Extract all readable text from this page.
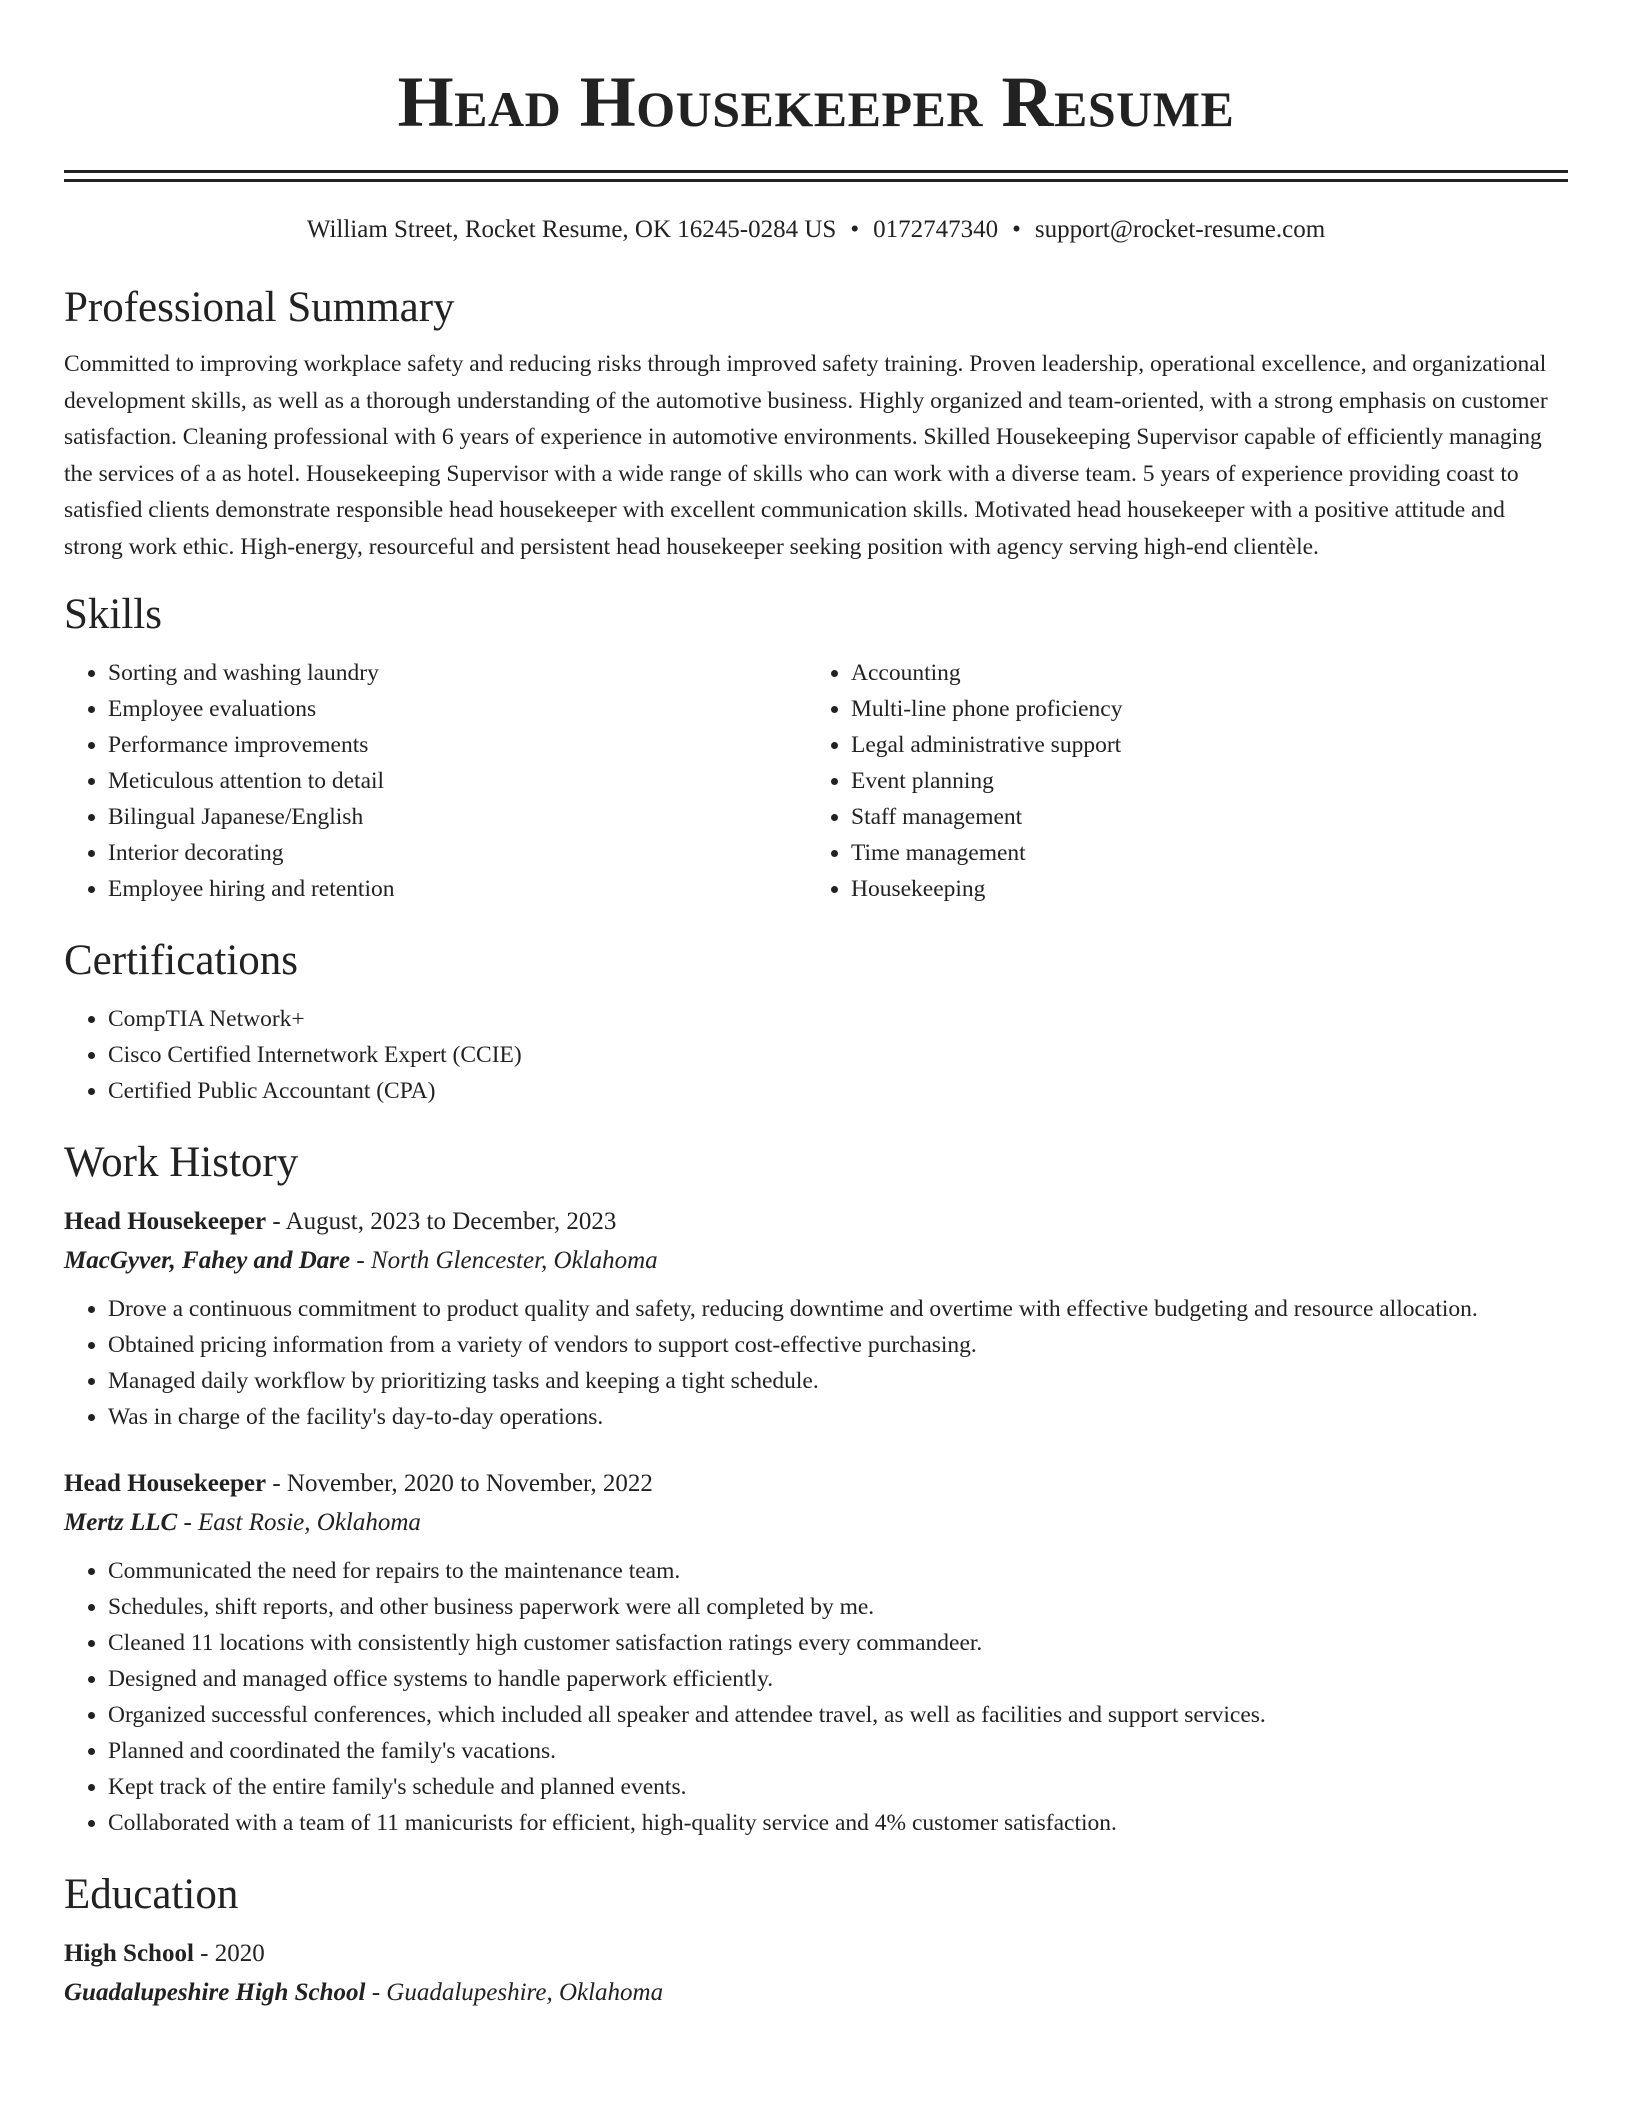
Head Housekeeper Resume
William Street, Rocket Resume, OK 16245-0284 US • 0172747340 • support@rocket-resume.com
Professional Summary

Committed to improving workplace safety and reducing risks through improved safety training. Proven leadership, operational excellence, and organizational development skills, as well as a thorough understanding of the automotive business. Highly organized and team-oriented, with a strong emphasis on customer satisfaction. Cleaning professional with 6 years of experience in automotive environments. Skilled Housekeeping Supervisor capable of efficiently managing the services of a as hotel. Housekeeping Supervisor with a wide range of skills who can work with a diverse team. 5 years of experience providing coast to satisfied clients demonstrate responsible head housekeeper with excellent communication skills. Motivated head housekeeper with a positive attitude and strong work ethic. High-energy, resourceful and persistent head housekeeper seeking position with agency serving high-end clientèle.

Skills
• Sorting and washing laundry
• Employee evaluations
• Performance improvements
• Meticulous attention to detail
• Bilingual Japanese/English
• Interior decorating
• Employee hiring and retention
• Accounting
• Multi-line phone proficiency
• Legal administrative support
• Event planning
• Staff management
• Time management
• Housekeeping
Certifications
• CompTIA Network+
• Cisco Certified Internetwork Expert (CCIE)
• Certified Public Accountant (CPA)
Work History
Head Housekeeper - August, 2023 to December, 2023
MacGyver, Fahey and Dare - North Glencester, Oklahoma
• Drove a continuous commitment to product quality and safety, reducing downtime and overtime with effective budgeting and resource allocation.
• Obtained pricing information from a variety of vendors to support cost-effective purchasing.
• Managed daily workflow by prioritizing tasks and keeping a tight schedule.
• Was in charge of the facility's day-to-day operations.
Head Housekeeper - November, 2020 to November, 2022
Mertz LLC - East Rosie, Oklahoma
• Communicated the need for repairs to the maintenance team.
• Schedules, shift reports, and other business paperwork were all completed by me.
• Cleaned 11 locations with consistently high customer satisfaction ratings every commandeer.
• Designed and managed office systems to handle paperwork efficiently.
• Organized successful conferences, which included all speaker and attendee travel, as well as facilities and support services.
• Planned and coordinated the family's vacations.
• Kept track of the entire family's schedule and planned events.
• Collaborated with a team of 11 manicurists for efficient, high-quality service and 4% customer satisfaction.
Education
High School - 2020
Guadalupeshire High School - Guadalupeshire, Oklahoma
